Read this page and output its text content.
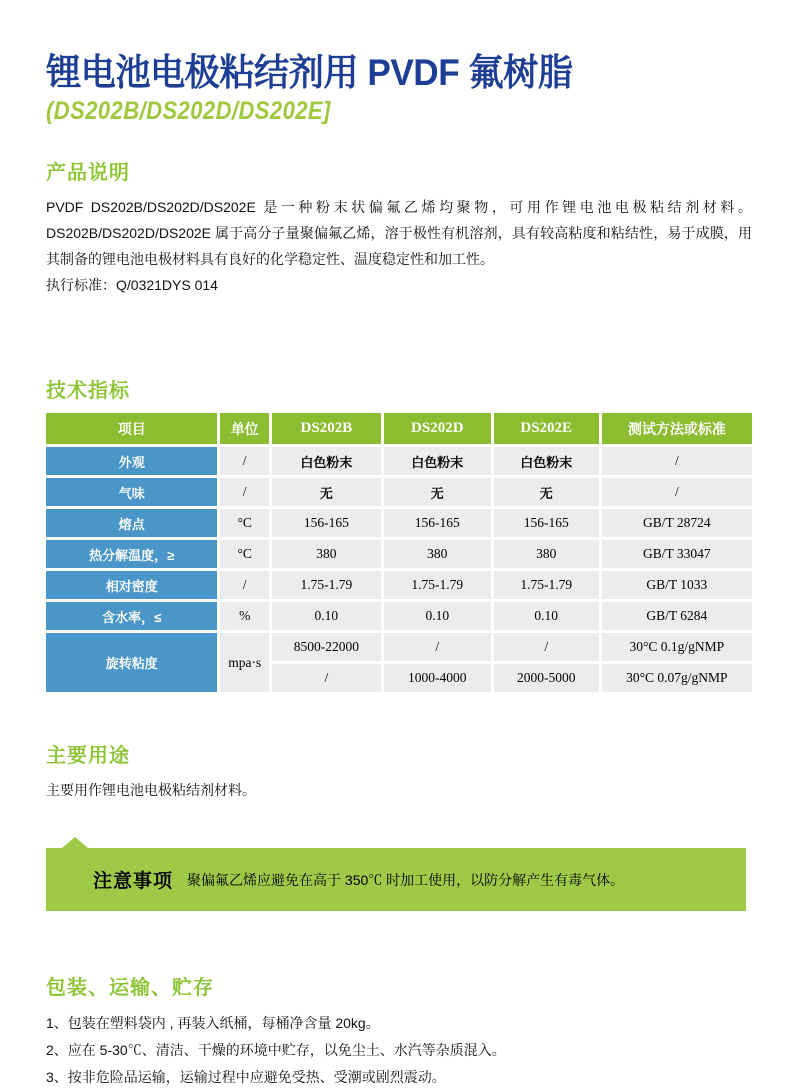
锂电池电极粘结剂用 PVDF 氟树脂
(DS202B/DS202D/DS202E]
产品说明
PVDF DS202B/DS202D/DS202E 是一种粉末状偏氟乙烯均聚物，可用作锂电池电极粘结剂材料。DS202B/DS202D/DS202E 属于高分子量聚偏氟乙烯，溶于极性有机溶剂，具有较高粘度和粘结性，易于成膜，用其制备的锂电池电极材料具有良好的化学稳定性、温度稳定性和加工性。
执行标准：Q/0321DYS 014
技术指标
项目	单位	DS202B	DS202D	DS202E	测试方法或标准
外观	/	白色粉末	白色粉末	白色粉末	/
气味	/	无	无	无	/
熔点	°C	156-165	156-165	156-165	GB/T 28724
热分解温度，≥	°C	380	380	380	GB/T 33047
相对密度	/	1.75-1.79	1.75-1.79	1.75-1.79	GB/T 1033
含水率，≤	%	0.10	0.10	0.10	GB/T 6284
旋转粘度	mpa·s	8500-22000	/	/	30°C 0.1g/gNMP
		/	1000-4000	2000-5000	30°C 0.07g/gNMP
主要用途
主要用作锂电池电极粘结剂材料。
注意事项 聚偏氟乙烯应避免在高于 350℃ 时加工使用，以防分解产生有毒气体。
包装、运输、贮存
1、包装在塑料袋内 , 再装入纸桶，每桶净含量 20kg。
2、应在 5-30℃、清洁、干燥的环境中贮存，以免尘土、水汽等杂质混入。
3、按非危险品运输，运输过程中应避免受热、受潮或剧烈震动。
